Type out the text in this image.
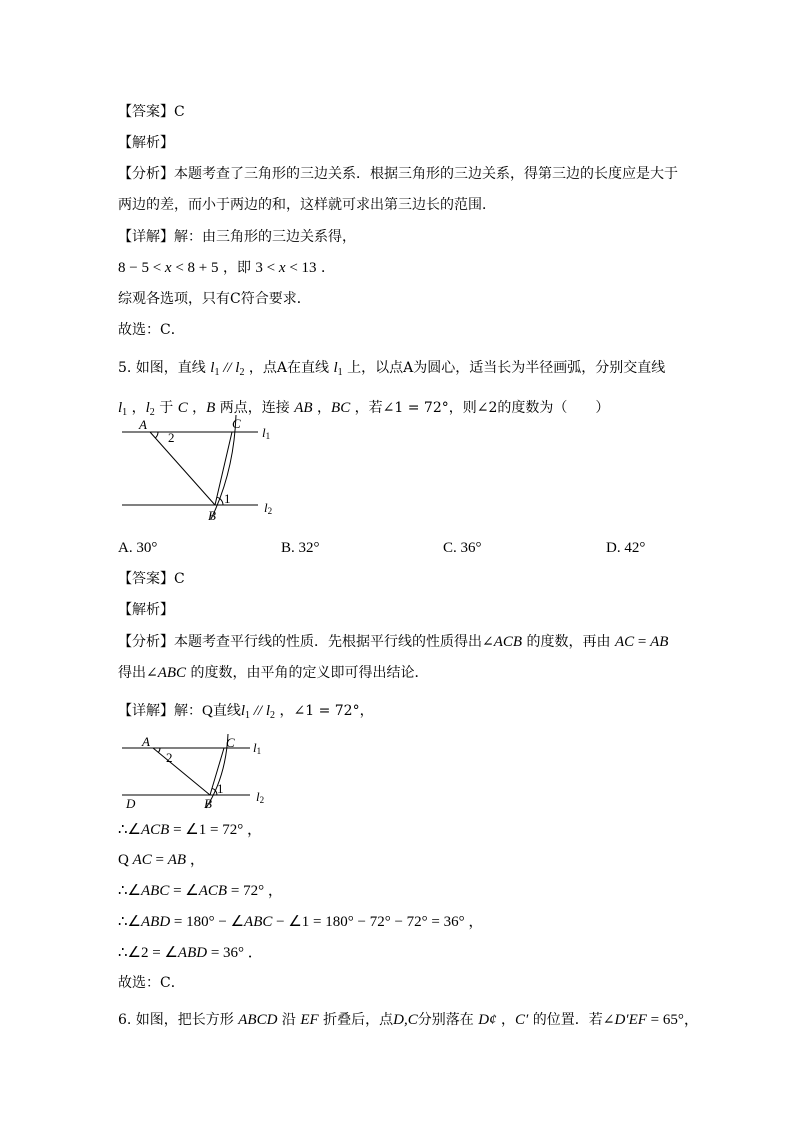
【答案】C
【解析】
【分析】本题考查了三角形的三边关系．根据三角形的三边关系，得第三边的长度应是大于
两边的差，而小于两边的和，这样就可求出第三边长的范围．
【详解】解：由三角形的三边关系得，
8 − 5 < x < 8 + 5 ，即 3 < x < 13 ．
综观各选项，只有C符合要求．
故选：C．
5. 如图，直线 $l_1 // l_2$ ，点A在直线 $l_1$ 上，以点A为圆心，适当长为半径画弧，分别交直线
$l_1$ ，$l_2$ 于 C ，B 两点，连接 AB ，BC ，若∠1 = 72°，则∠2的度数为（　　）
A	C
B
2
1
l1
l2
A. 30°	B. 32°	C. 36°	D. 42°
【答案】C
【解析】
【分析】本题考查平行线的性质．先根据平行线的性质得出∠ACB 的度数，再由 AC = AB
得出∠ABC 的度数，由平角的定义即可得出结论．
【详解】解：Q直线$l_1 // l_2$ ，∠1 = 72°，
A	C
B
D
2
1
l1
l2
∴∠ACB = ∠1 = 72° ，
Q AC = AB ，
∴∠ABC = ∠ACB = 72° ，
∴∠ABD = 180° − ∠ABC − ∠1 = 180° − 72° − 72° = 36° ，
∴∠2 = ∠ABD = 36° ．
故选：C．
6. 如图，把长方形 ABCD 沿 EF 折叠后，点D,C分别落在 D¢ ，C′ 的位置．若∠D′EF = 65°，
